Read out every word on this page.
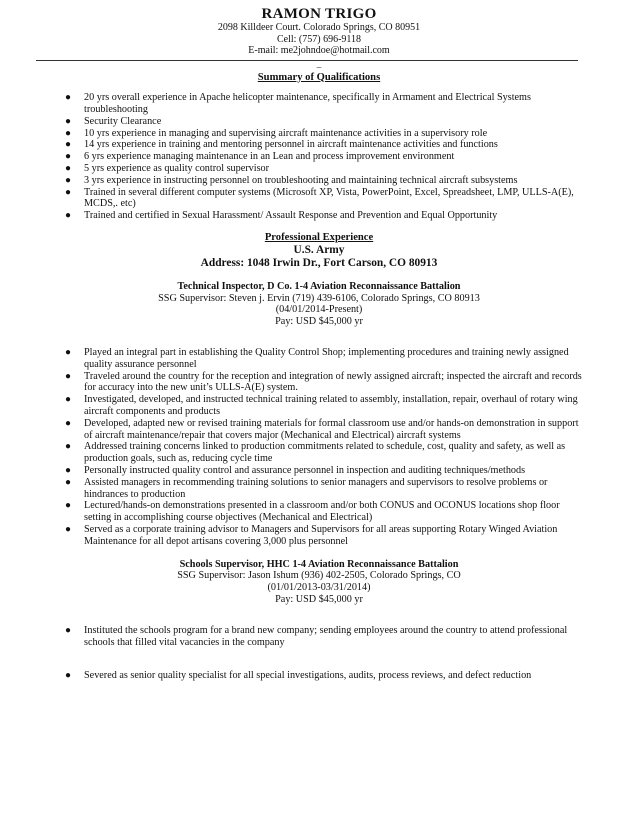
RAMON TRIGO
2098 Killdeer Court. Colorado Springs, CO 80951
Cell: (757) 696-9118
E-mail: me2johndoe@hotmail.com
_
Summary of Qualifications
● 20 yrs overall experience in Apache helicopter maintenance, specifically in Armament and Electrical Systems troubleshooting
● Security Clearance
● 10 yrs experience in managing and supervising aircraft maintenance activities in a supervisory role
● 14 yrs experience in training and mentoring personnel in aircraft maintenance activities and functions
● 6 yrs experience managing maintenance in an Lean and process improvement environment
● 5 yrs experience as quality control supervisor
● 3 yrs experience in instructing personnel on troubleshooting and maintaining technical aircraft subsystems
● Trained in several different computer systems (Microsoft XP, Vista, PowerPoint, Excel, Spreadsheet, LMP, ULLS-A(E), MCDS,. etc)
● Trained and certified in Sexual Harassment/ Assault Response and Prevention and Equal Opportunity
Professional Experience
U.S. Army
Address: 1048 Irwin Dr., Fort Carson, CO 80913
Technical Inspector, D Co. 1-4 Aviation Reconnaissance Battalion
SSG Supervisor: Steven j. Ervin (719) 439-6106, Colorado Springs, CO 80913
(04/01/2014-Present)
Pay: USD $45,000 yr
● Played an integral part in establishing the Quality Control Shop; implementing procedures and training newly assigned quality assurance personnel
● Traveled around the country for the reception and integration of newly assigned aircraft; inspected the aircraft and records for accuracy into the new unit’s ULLS-A(E) system.
● Investigated, developed, and instructed technical training related to assembly, installation, repair, overhaul of rotary wing aircraft components and products
● Developed, adapted new or revised training materials for formal classroom use and/or hands-on demonstration in support of aircraft maintenance/repair that covers major (Mechanical and Electrical) aircraft systems
● Addressed training concerns linked to production commitments related to schedule, cost, quality and safety, as well as production goals, such as, reducing cycle time
● Personally instructed quality control and assurance personnel in inspection and auditing techniques/methods
● Assisted managers in recommending training solutions to senior managers and supervisors to resolve problems or hindrances to production
● Lectured/hands-on demonstrations presented in a classroom and/or both CONUS and OCONUS locations shop floor setting in accomplishing course objectives (Mechanical and Electrical)
● Served as a corporate training advisor to Managers and Supervisors for all areas supporting Rotary Winged Aviation Maintenance for all depot artisans covering 3,000 plus personnel
Schools Supervisor, HHC 1-4 Aviation Reconnaissance Battalion
SSG Supervisor: Jason Ishum (936) 402-2505, Colorado Springs, CO
(01/01/2013-03/31/2014)
Pay: USD $45,000 yr
● Instituted the schools program for a brand new company; sending employees around the country to attend professional schools that filled vital vacancies in the company
● Severed as senior quality specialist for all special investigations, audits, process reviews, and defect reduction
